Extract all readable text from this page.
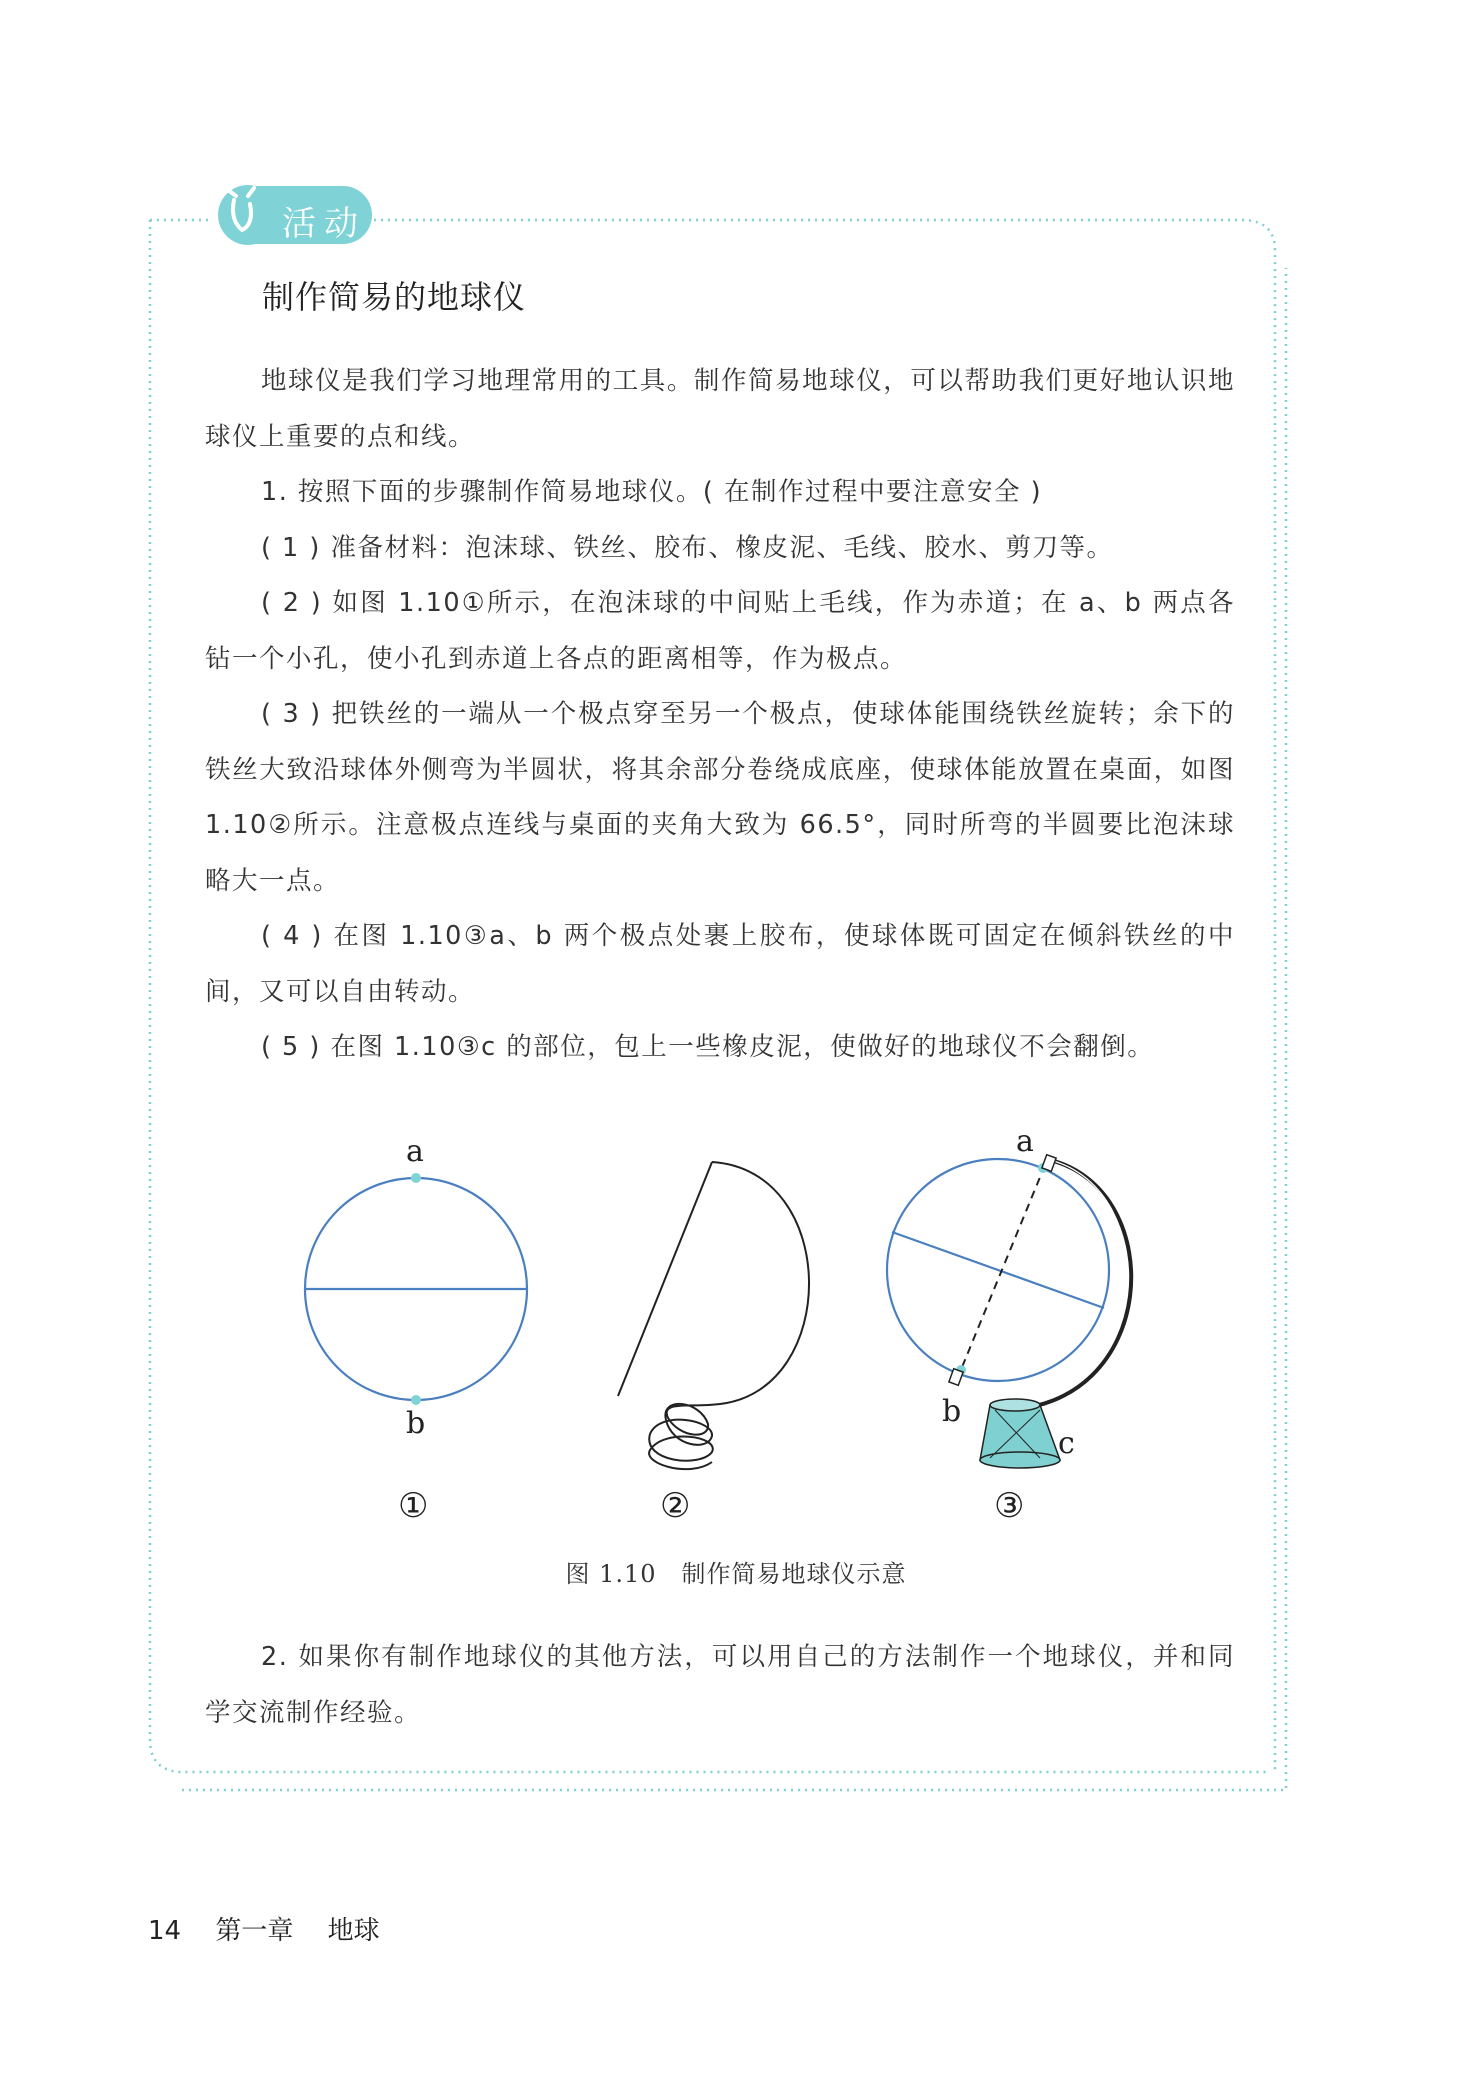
活动
制作简易的地球仪

地球仪是我们学习地理常用的工具。制作简易地球仪，可以帮助我们更好地认识地球仪上重要的点和线。

1. 按照下面的步骤制作简易地球仪。( 在制作过程中要注意安全 )

( 1 ) 准备材料：泡沫球、铁丝、胶布、橡皮泥、毛线、胶水、剪刀等。

( 2 ) 如图 1.10①所示，在泡沫球的中间贴上毛线，作为赤道；在 a、b 两点各钻一个小孔，使小孔到赤道上各点的距离相等，作为极点。

( 3 ) 把铁丝的一端从一个极点穿至另一个极点，使球体能围绕铁丝旋转；余下的铁丝大致沿球体外侧弯为半圆状，将其余部分卷绕成底座，使球体能放置在桌面，如图 1.10②所示。注意极点连线与桌面的夹角大致为 66.5°，同时所弯的半圆要比泡沫球略大一点。

( 4 ) 在图 1.10③a、b 两个极点处裹上胶布，使球体既可固定在倾斜铁丝的中间，又可以自由转动。

( 5 ) 在图 1.10③c 的部位，包上一些橡皮泥，使做好的地球仪不会翻倒。

a
b
a
b
c
①	②	③
图 1.10　制作简易地球仪示意

2. 如果你有制作地球仪的其他方法，可以用自己的方法制作一个地球仪，并和同学交流制作经验。

14 第一章 地球
